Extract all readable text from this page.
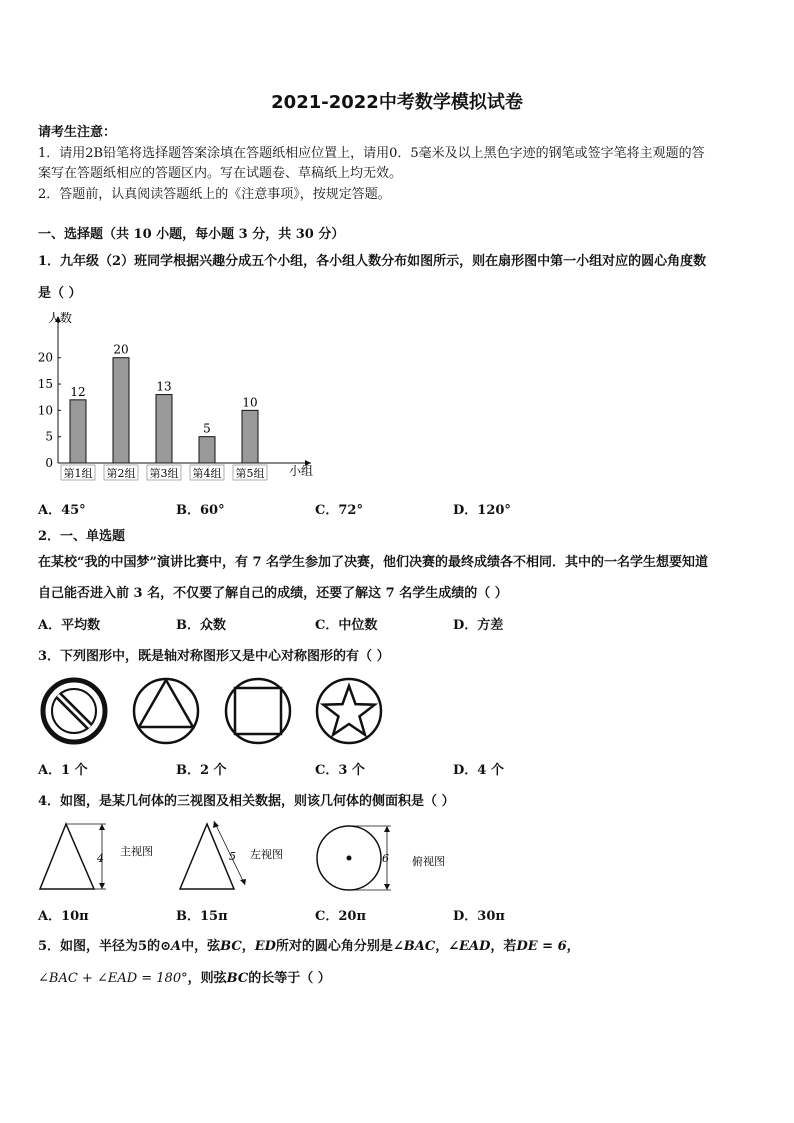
2021-2022中考数学模拟试卷
请考生注意：
1．请用2B铅笔将选择题答案涂填在答题纸相应位置上，请用0．5毫米及以上黑色字迹的钢笔或签字笔将主观题的答
案写在答题纸相应的答题区内。写在试题卷、草稿纸上均无效。
2．答题前，认真阅读答题纸上的《注意事项》，按规定答题。
一、选择题（共 10 小题，每小题 3 分，共 30 分）
1．九年级（2）班同学根据兴趣分成五个小组，各小组人数分布如图所示，则在扇形图中第一小组对应的圆心角度数
是（ ）
人数
小组
0
5
10
15
20
12
第1组
20
第2组
13
第3组
5
第4组
10
第5组
A．45°	B．60°	C．72°	D．120°
2．一、单选题
在某校“我的中国梦”演讲比赛中，有 7 名学生参加了决赛，他们决赛的最终成绩各不相同．其中的一名学生想要知道
自己能否进入前 3 名，不仅要了解自己的成绩，还要了解这 7 名学生成绩的（ ）
A．平均数	B．众数	C．中位数	D．方差
3．下列图形中，既是轴对称图形又是中心对称图形的有（ ）
A．1 个	B．2 个	C．3 个	D．4 个
4．如图，是某几何体的三视图及相关数据，则该几何体的侧面积是（ ）
4
主视图	5 左视图	6 俯视图
A．10π	B．15π	C．20π	D．30π
5．如图，半径为5的⊙A中，弦BC，ED所对的圆心角分别是∠BAC，∠EAD，若DE = 6，
∠BAC + ∠EAD = 180°，则弦BC的长等于（ ）
